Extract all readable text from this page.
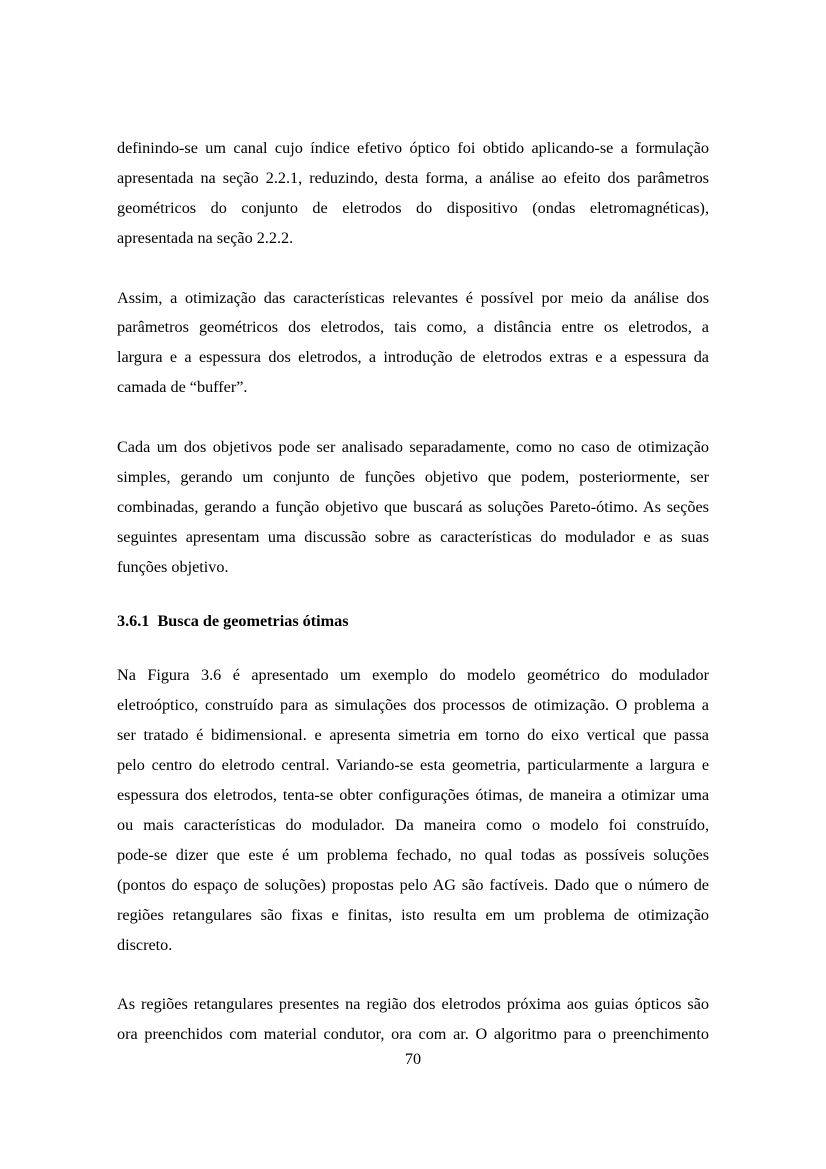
definindo-se um canal cujo índice efetivo óptico foi obtido aplicando-se a formulação
apresentada na seção 2.2.1, reduzindo, desta forma, a análise ao efeito dos parâmetros
geométricos do conjunto de eletrodos do dispositivo (ondas eletromagnéticas),
apresentada na seção 2.2.2.
Assim, a otimização das características relevantes é possível por meio da análise dos
parâmetros geométricos dos eletrodos, tais como, a distância entre os eletrodos, a
largura e a espessura dos eletrodos, a introdução de eletrodos extras e a espessura da
camada de “buffer”.
Cada um dos objetivos pode ser analisado separadamente, como no caso de otimização
simples, gerando um conjunto de funções objetivo que podem, posteriormente, ser
combinadas, gerando a função objetivo que buscará as soluções Pareto-ótimo. As seções
seguintes apresentam uma discussão sobre as características do modulador e as suas
funções objetivo.
3.6.1  Busca de geometrias ótimas
Na Figura 3.6 é apresentado um exemplo do modelo geométrico do modulador
eletroóptico, construído para as simulações dos processos de otimização. O problema a
ser tratado é bidimensional. e apresenta simetria em torno do eixo vertical que passa
pelo centro do eletrodo central. Variando-se esta geometria, particularmente a largura e
espessura dos eletrodos, tenta-se obter configurações ótimas, de maneira a otimizar uma
ou mais características do modulador. Da maneira como o modelo foi construído,
pode-se dizer que este é um problema fechado, no qual todas as possíveis soluções
(pontos do espaço de soluções) propostas pelo AG são factíveis. Dado que o número de
regiões retangulares são fixas e finitas, isto resulta em um problema de otimização
discreto.
As regiões retangulares presentes na região dos eletrodos próxima aos guias ópticos são
ora preenchidos com material condutor, ora com ar. O algoritmo para o preenchimento
70
